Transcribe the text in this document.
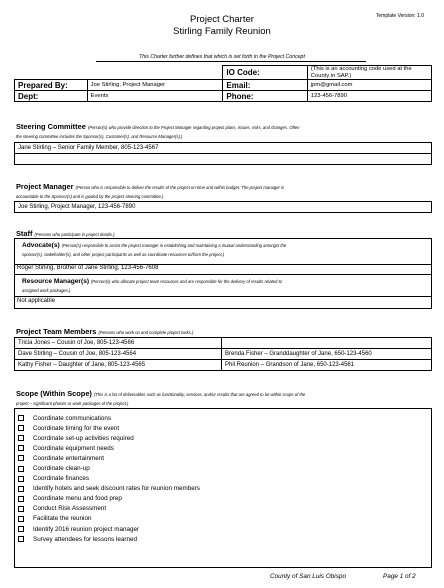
Template Version: 1.0
Project Charter
Stirling Family Reunion
This Charter further defines that which is set forth in the Project Concept
		IO Code:	(This is an accounting code used at the County in SAP.)
Prepared By:	Joe Stirling, Project Manager	Email:	jpm@gmail.com
Dept:	Events	Phone:	123-456-7890
Steering Committee (Person(s) who provide direction to the Project Manager regarding project plans, issues, risks, and changes. Often
the steering committee includes the Sponsor(s), Customer(s), and Resource Manager(s).)
Jane Stirling – Senior Family Member, 805-123-4567

Project Manager (Person who is responsible to deliver the results of the project on-time and within budget. The project manager is
accountable to the Sponsor(s) and is guided by the project steering committee.)
Joe Stirling, Project Manager, 123-456-7890
Staff (Persons who participate in project details.)
Advocate(s) (Person(s) responsible to assist the project manager in establishing and maintaining a mutual understanding amongst the
sponsor(s), stakeholder(s), and other project participants as well as coordinate resources to/from the project.)
Roger Stirling, Brother of Jane Stirling, 123-456-7608
Resource Manager(s) (Person(s) who allocate project team resources and are responsible for the delivery of results related to
assigned work packages.)
Not applicable
Project Team Members (Persons who work on and complete project tasks.)
Tricia Jones – Cousin of Joe, 805-123-4566	
Dave Stirling – Cousin of Joe, 805-123-4564	Brenda Fisher – Granddaughter of Jane, 650-123-4560
Kathy Fisher – Daughter of Jane, 805-123-4565	Phil Reunion – Grandson of Jane, 650-123-4561
Scope (Within Scope) (This is a list of deliverables such as functionality, services, and/or results that are agreed to be within scope of the
project – significant phases or work packages of the project.)
Coordinate communications
Coordinate timing for the event
Coordinate set-up activities required
Coordinate equipment needs
Coordinate entertainment
Coordinate clean-up
Coordinate finances
Identify hotels and seek discount rates for reunion members
Coordinate menu and food prep
Conduct Risk Assessment
Facilitate the reunion
Identify 2016 reunion project manager
Survey attendees for lessons learned
County of San Luis Obispo	Page 1 of 2
